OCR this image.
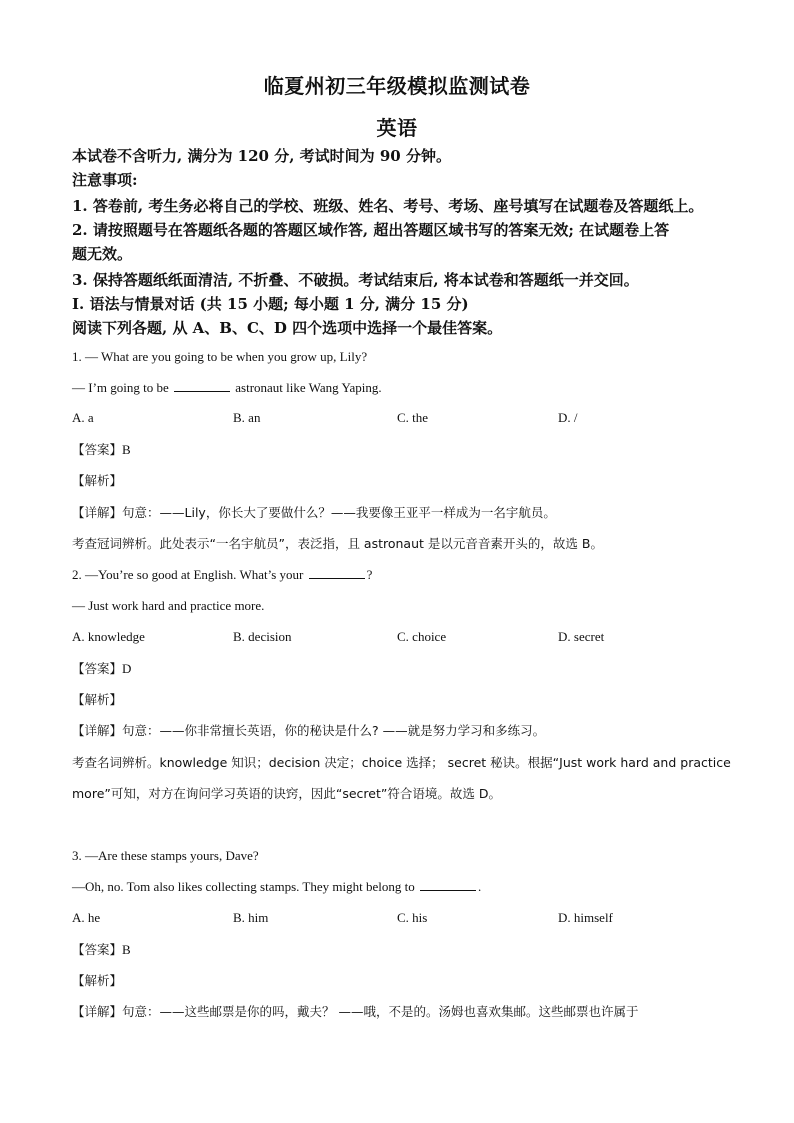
临夏州初三年级模拟监测试卷
英语
本试卷不含听力, 满分为 120 分, 考试时间为 90 分钟。
注意事项:
1. 答卷前, 考生务必将自己的学校、班级、姓名、考号、考场、座号填写在试题卷及答题纸上。
2. 请按照题号在答题纸各题的答题区域作答, 超出答题区域书写的答案无效; 在试题卷上答
题无效。
3. 保持答题纸纸面清洁, 不折叠、不破损。考试结束后, 将本试卷和答题纸一并交回。
I. 语法与情景对话 (共 15 小题; 每小题 1 分, 满分 15 分)
阅读下列各题, 从 A、B、C、D 四个选项中选择一个最佳答案。
1. — What are you going to be when you grow up, Lily?
— I’m going to be	astronaut like Wang Yaping.
A. a	B. an	C. the	D. /
【答案】B
【解析】
【详解】句意：——Lily，你长大了要做什么？——我要像王亚平一样成为一名宇航员。
考查冠词辨析。此处表示“一名宇航员”，表泛指，且 astronaut 是以元音音素开头的，故选 B。
2. —You’re so good at English. What’s your	?
— Just work hard and practice more.
A. knowledge	B. decision	C. choice	D. secret
【答案】D
【解析】
【详解】句意：——你非常擅长英语，你的秘诀是什么? ——就是努力学习和多练习。
考查名词辨析。knowledge 知识；decision 决定；choice 选择； secret 秘诀。根据“Just work hard and practice
more”可知，对方在询问学习英语的诀窍，因此“secret”符合语境。故选 D。
3. —Are these stamps yours, Dave?
—Oh, no. Tom also likes collecting stamps. They might belong to	.
A. he	B. him	C. his	D. himself
【答案】B
【解析】
【详解】句意：——这些邮票是你的吗，戴夫？ ——哦，不是的。汤姆也喜欢集邮。这些邮票也许属于
